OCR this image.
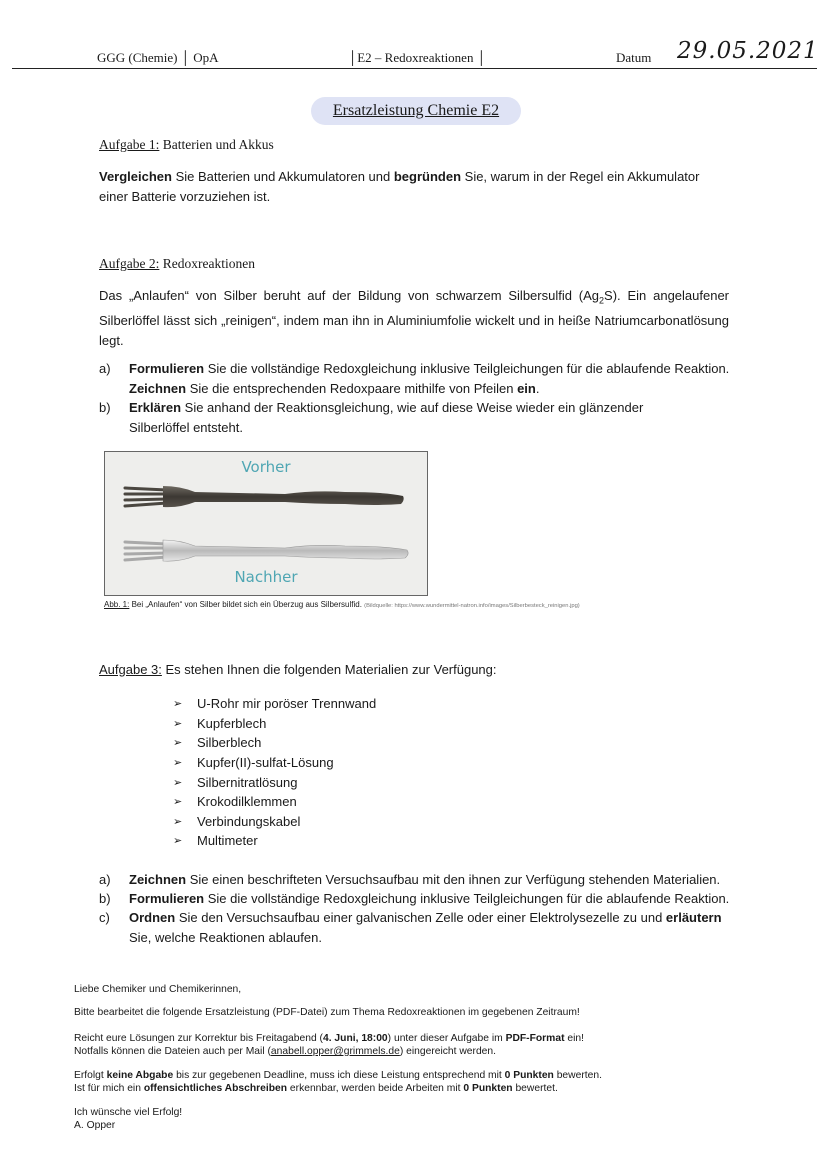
GGG (Chemie) │ OpA	│E2 – Redoxreaktionen │	Datum 29.05.2021
Ersatzleistung Chemie E2
Aufgabe 1: Batterien und Akkus
Vergleichen Sie Batterien und Akkumulatoren und begründen Sie, warum in der Regel ein Akkumulator einer Batterie vorzuziehen ist.
Aufgabe 2: Redoxreaktionen
Das „Anlaufen“ von Silber beruht auf der Bildung von schwarzem Silbersulfid $(Ag_2S)$. Ein angelaufener Silberlöffel lässt sich „reinigen“, indem man ihn in Aluminiumfolie wickelt und in heiße Natriumcarbonatlösung legt.
a)	Formulieren Sie die vollständige Redoxgleichung inklusive Teilgleichungen für die ablaufende Reaktion.
Zeichnen Sie die entsprechenden Redoxpaare mithilfe von Pfeilen ein.
b)	Erklären Sie anhand der Reaktionsgleichung, wie auf diese Weise wieder ein glänzender Silberlöffel entsteht.
Vorher
Nachher
Abb. 1: Bei „Anlaufen“ von Silber bildet sich ein Überzug aus Silbersulfid. (Bildquelle: https://www.wundermittel-natron.info/images/Silberbesteck_reinigen.jpg)
Aufgabe 3: Es stehen Ihnen die folgenden Materialien zur Verfügung:
➢	U-Rohr mir poröser Trennwand
➢	Kupferblech
➢	Silberblech
➢	Kupfer(II)-sulfat-Lösung
➢	Silbernitratlösung
➢	Krokodilklemmen
➢	Verbindungskabel
➢	Multimeter
a)	Zeichnen Sie einen beschrifteten Versuchsaufbau mit den ihnen zur Verfügung stehenden Materialien.
b)	Formulieren Sie die vollständige Redoxgleichung inklusive Teilgleichungen für die ablaufende Reaktion.
c)	Ordnen Sie den Versuchsaufbau einer galvanischen Zelle oder einer Elektrolysezelle zu und erläutern Sie, welche Reaktionen ablaufen.
Liebe Chemiker und Chemikerinnen,
Bitte bearbeitet die folgende Ersatzleistung (PDF-Datei) zum Thema Redoxreaktionen im gegebenen Zeitraum!
Reicht eure Lösungen zur Korrektur bis Freitagabend (4. Juni, 18:00) unter dieser Aufgabe im PDF-Format ein!
Notfalls können die Dateien auch per Mail (anabell.opper@grimmels.de) eingereicht werden.
Erfolgt keine Abgabe bis zur gegebenen Deadline, muss ich diese Leistung entsprechend mit 0 Punkten bewerten.
Ist für mich ein offensichtliches Abschreiben erkennbar, werden beide Arbeiten mit 0 Punkten bewertet.
Ich wünsche viel Erfolg!
A. Opper
